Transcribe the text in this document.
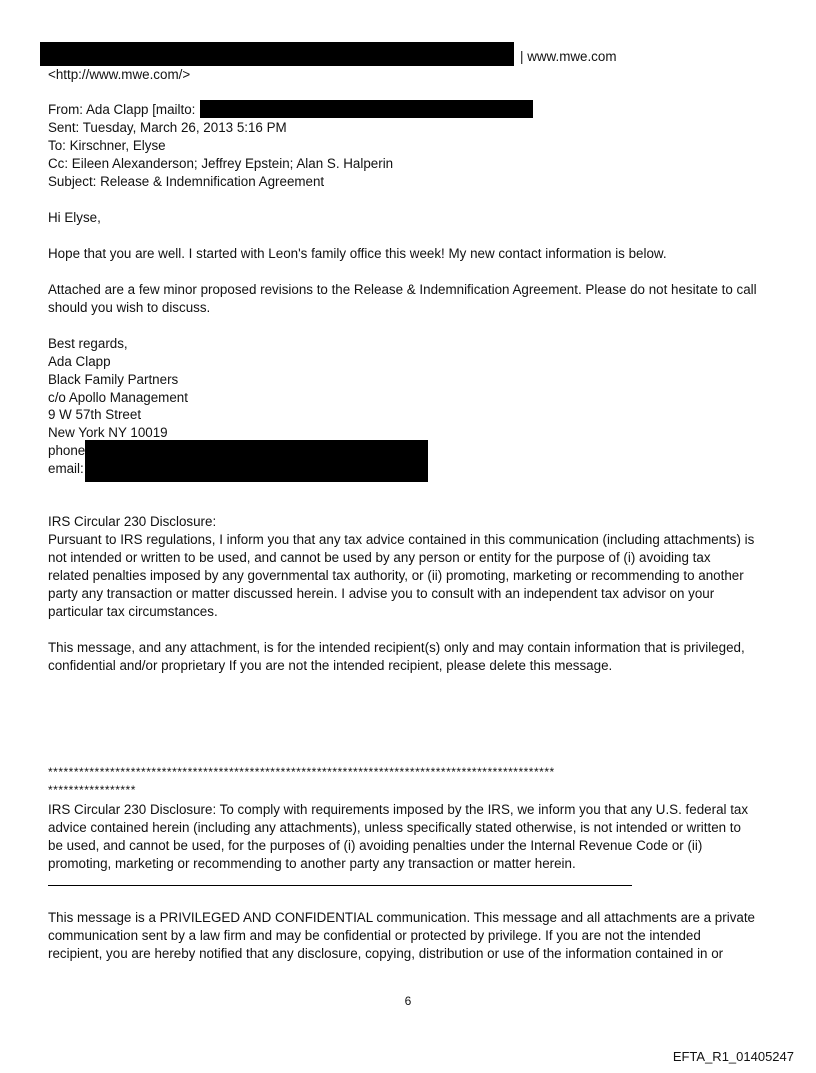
| www.mwe.com
<http://www.mwe.com/>
From: Ada Clapp [mailto:
Sent: Tuesday, March 26, 2013 5:16 PM
To: Kirschner, Elyse
Cc: Eileen Alexanderson; Jeffrey Epstein; Alan S. Halperin
Subject: Release & Indemnification Agreement
Hi Elyse,
Hope that you are well. I started with Leon's family office this week! My new contact information is below.
Attached are a few minor proposed revisions to the Release & Indemnification Agreement. Please do not hesitate to call
should you wish to discuss.
Best regards,
Ada Clapp
Black Family Partners
c/o Apollo Management
9 W 57th Street
New York NY 10019
phone
email:
IRS Circular 230 Disclosure:
Pursuant to IRS regulations, I inform you that any tax advice contained in this communication (including attachments) is
not intended or written to be used, and cannot be used by any person or entity for the purpose of (i) avoiding tax
related penalties imposed by any governmental tax authority, or (ii) promoting, marketing or recommending to another
party any transaction or matter discussed herein. I advise you to consult with an independent tax advisor on your
particular tax circumstances.
This message, and any attachment, is for the intended recipient(s) only and may contain information that is privileged,
confidential and/or proprietary If you are not the intended recipient, please delete this message.
**************************************************************************************************
*****************
IRS Circular 230 Disclosure: To comply with requirements imposed by the IRS, we inform you that any U.S. federal tax
advice contained herein (including any attachments), unless specifically stated otherwise, is not intended or written to
be used, and cannot be used, for the purposes of (i) avoiding penalties under the Internal Revenue Code or (ii)
promoting, marketing or recommending to another party any transaction or matter herein.
This message is a PRIVILEGED AND CONFIDENTIAL communication. This message and all attachments are a private
communication sent by a law firm and may be confidential or protected by privilege. If you are not the intended
recipient, you are hereby notified that any disclosure, copying, distribution or use of the information contained in or
6
EFTA_R1_01405247
